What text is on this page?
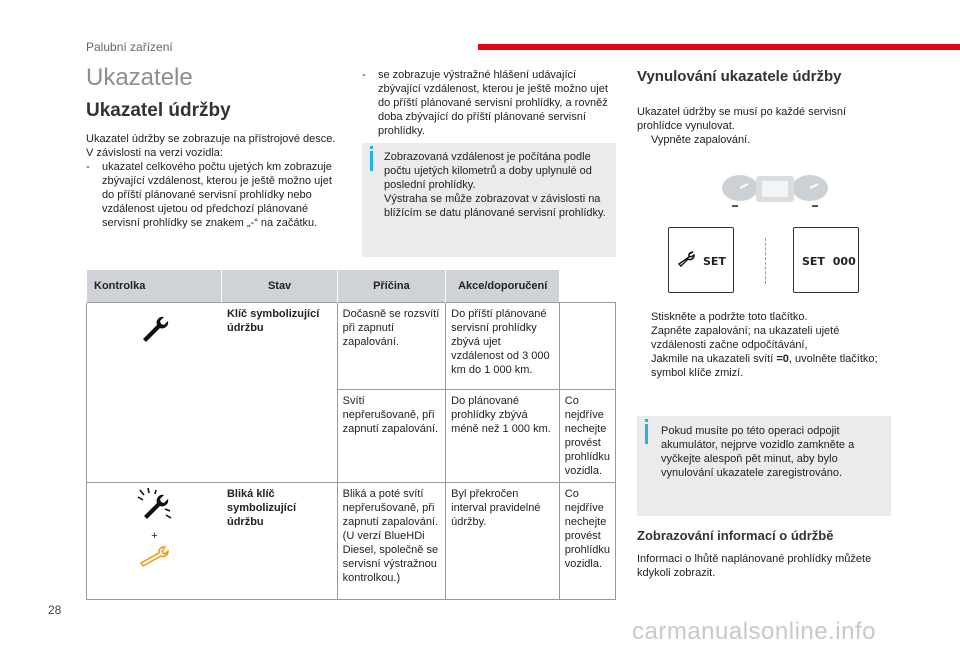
Palubní zařízení
Ukazatele
Ukazatel údržby
Ukazatel údržby se zobrazuje na přístrojové desce. V závislosti na verzi vozidla:
- ukazatel celkového počtu ujetých km zobrazuje zbývající vzdálenost, kterou je ještě možno ujet do příští plánované servisní prohlídky nebo vzdálenost ujetou od předchozí plánované servisní prohlídky se znakem „-“ na začátku.
- se zobrazuje výstražné hlášení udávající zbývající vzdálenost, kterou je ještě možno ujet do příští plánované servisní prohlídky, a rovněž doba zbývající do příští plánované servisní prohlídky.
Zobrazovaná vzdálenost je počítána podle počtu ujetých kilometrů a doby uplynulé od poslední prohlídky.
Výstraha se může zobrazovat v závislosti na blížícím se datu plánované servisní prohlídky.
Kontrolka	Stav	Příčina	Akce/doporučení	
	Klíč symbolizující údržbu	Dočasně se rozsvítí při zapnutí zapalování.	Do příští plánované servisní prohlídky zbývá ujet vzdálenost od 3 000 km do 1 000 km.	
		Svítí nepřerušovaně, při zapnutí zapalování.	Do plánované prohlídky zbývá méně než 1 000 km.	Co nejdříve nechejte provést prohlídku vozidla.

+	Bliká klíč symbolizující údržbu	Bliká a poté svítí nepřerušovaně, při zapnutí zapalování.
(U verzí BlueHDi Diesel, společně se servisní výstražnou kontrolkou.)	Byl překročen interval pravidelné údržby.	Co nejdříve nechejte provést prohlídku vozidla.
Vynulování ukazatele údržby
Ukazatel údržby se musí po každé servisní prohlídce vynulovat.
Vypněte zapalování.
SET	SET 000
Stiskněte a podržte toto tlačítko.
Zapněte zapalování; na ukazateli ujeté vzdálenosti začne odpočítávání,
Jakmile na ukazateli svítí =0, uvolněte tlačítko; symbol klíče zmizí.
Pokud musíte po této operaci odpojit akumulátor, nejprve vozidlo zamkněte a vyčkejte alespoň pět minut, aby bylo vynulování ukazatele zaregistrováno.
Zobrazování informací o údržbě
Informaci o lhůtě naplánované prohlídky můžete kdykoli zobrazit.
28
carmanualsonline.info
